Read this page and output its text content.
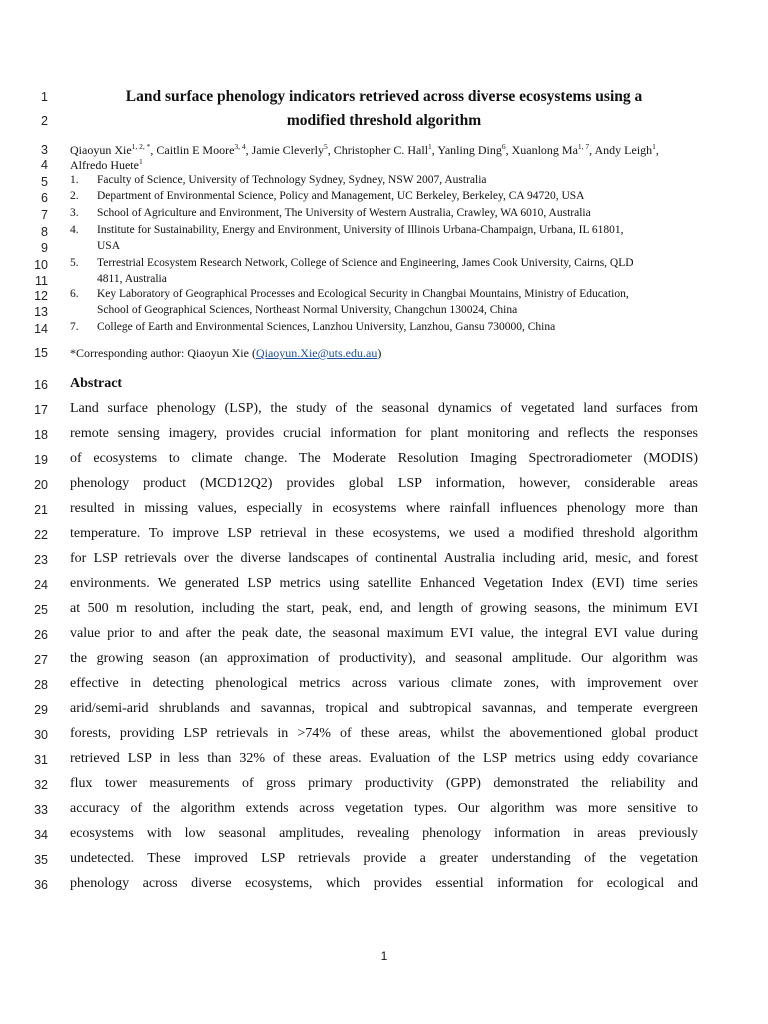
1
2
3
4
5
6
7
8
9
10
11
12
13
14
15
16
17
18
19
20
21
22
23
24
25
26
27
28
29
30
31
32
33
34
35
36
Land surface phenology indicators retrieved across diverse ecosystems using a
modified threshold algorithm
Qiaoyun Xie$^{1, 2, *}$, Caitlin E Moore$^{3, 4}$, Jamie Cleverly$^5$, Christopher C. Hall$^1$, Yanling Ding$^6$, Xuanlong Ma$^{1, 7}$, Andy Leigh$^1$,
Alfredo Huete$^1$
1. Faculty of Science, University of Technology Sydney, Sydney, NSW 2007, Australia
2. Department of Environmental Science, Policy and Management, UC Berkeley, Berkeley, CA 94720, USA
3. School of Agriculture and Environment, The University of Western Australia, Crawley, WA 6010, Australia
4. Institute for Sustainability, Energy and Environment, University of Illinois Urbana-Champaign, Urbana, IL 61801,
USA
5. Terrestrial Ecosystem Research Network, College of Science and Engineering, James Cook University, Cairns, QLD
4811, Australia
6. Key Laboratory of Geographical Processes and Ecological Security in Changbai Mountains, Ministry of Education,
School of Geographical Sciences, Northeast Normal University, Changchun 130024, China
7. College of Earth and Environmental Sciences, Lanzhou University, Lanzhou, Gansu 730000, China
*Corresponding author: Qiaoyun Xie (Qiaoyun.Xie@uts.edu.au)
Abstract
Land surface phenology (LSP), the study of the seasonal dynamics of vegetated land surfaces from
remote sensing imagery, provides crucial information for plant monitoring and reflects the responses
of ecosystems to climate change. The Moderate Resolution Imaging Spectroradiometer (MODIS)
phenology product (MCD12Q2) provides global LSP information, however, considerable areas
resulted in missing values, especially in ecosystems where rainfall influences phenology more than
temperature. To improve LSP retrieval in these ecosystems, we used a modified threshold algorithm
for LSP retrievals over the diverse landscapes of continental Australia including arid, mesic, and forest
environments. We generated LSP metrics using satellite Enhanced Vegetation Index (EVI) time series
at 500 m resolution, including the start, peak, end, and length of growing seasons, the minimum EVI
value prior to and after the peak date, the seasonal maximum EVI value, the integral EVI value during
the growing season (an approximation of productivity), and seasonal amplitude. Our algorithm was
effective in detecting phenological metrics across various climate zones, with improvement over
arid/semi-arid shrublands and savannas, tropical and subtropical savannas, and temperate evergreen
forests, providing LSP retrievals in >74% of these areas, whilst the abovementioned global product
retrieved LSP in less than 32% of these areas. Evaluation of the LSP metrics using eddy covariance
flux tower measurements of gross primary productivity (GPP) demonstrated the reliability and
accuracy of the algorithm extends across vegetation types. Our algorithm was more sensitive to
ecosystems with low seasonal amplitudes, revealing phenology information in areas previously
undetected. These improved LSP retrievals provide a greater understanding of the vegetation
phenology across diverse ecosystems, which provides essential information for ecological and
1
